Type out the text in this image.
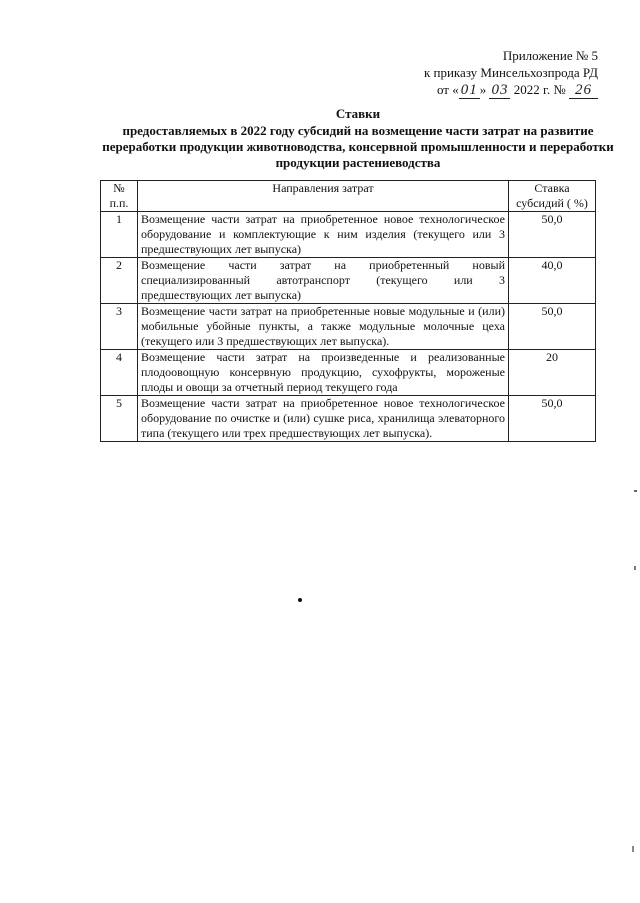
Приложение № 5
к приказу Минсельхозпрода РД
от « 01 » 03 2022 г. № 26
Ставки
предоставляемых в 2022 году субсидий на возмещение части затрат на развитие переработки продукции животноводства, консервной промышленности и переработки продукции растениеводства
№ п.п.	Направления затрат	Ставка субсидий ( %)
1	Возмещение части затрат на приобретенное новое технологическое оборудование и комплектующие к ним изделия (текущего или 3 предшествующих лет выпуска)	50,0
2	Возмещение части затрат на приобретенный новый специализированный автотранспорт (текущего или 3 предшествующих лет выпуска)	40,0
3	Возмещение части затрат на приобретенные новые модульные и (или) мобильные убойные пункты, а также модульные молочные цеха (текущего или 3 предшествующих лет выпуска).	50,0
4	Возмещение части затрат на произведенные и реализованные плодоовощную консервную продукцию, сухофрукты, мороженые плоды и овощи за отчетный период текущего года	20
5	Возмещение части затрат на приобретенное новое технологическое оборудование по очистке и (или) сушке риса, хранилища элеваторного типа (текущего или трех предшествующих лет выпуска).	50,0
